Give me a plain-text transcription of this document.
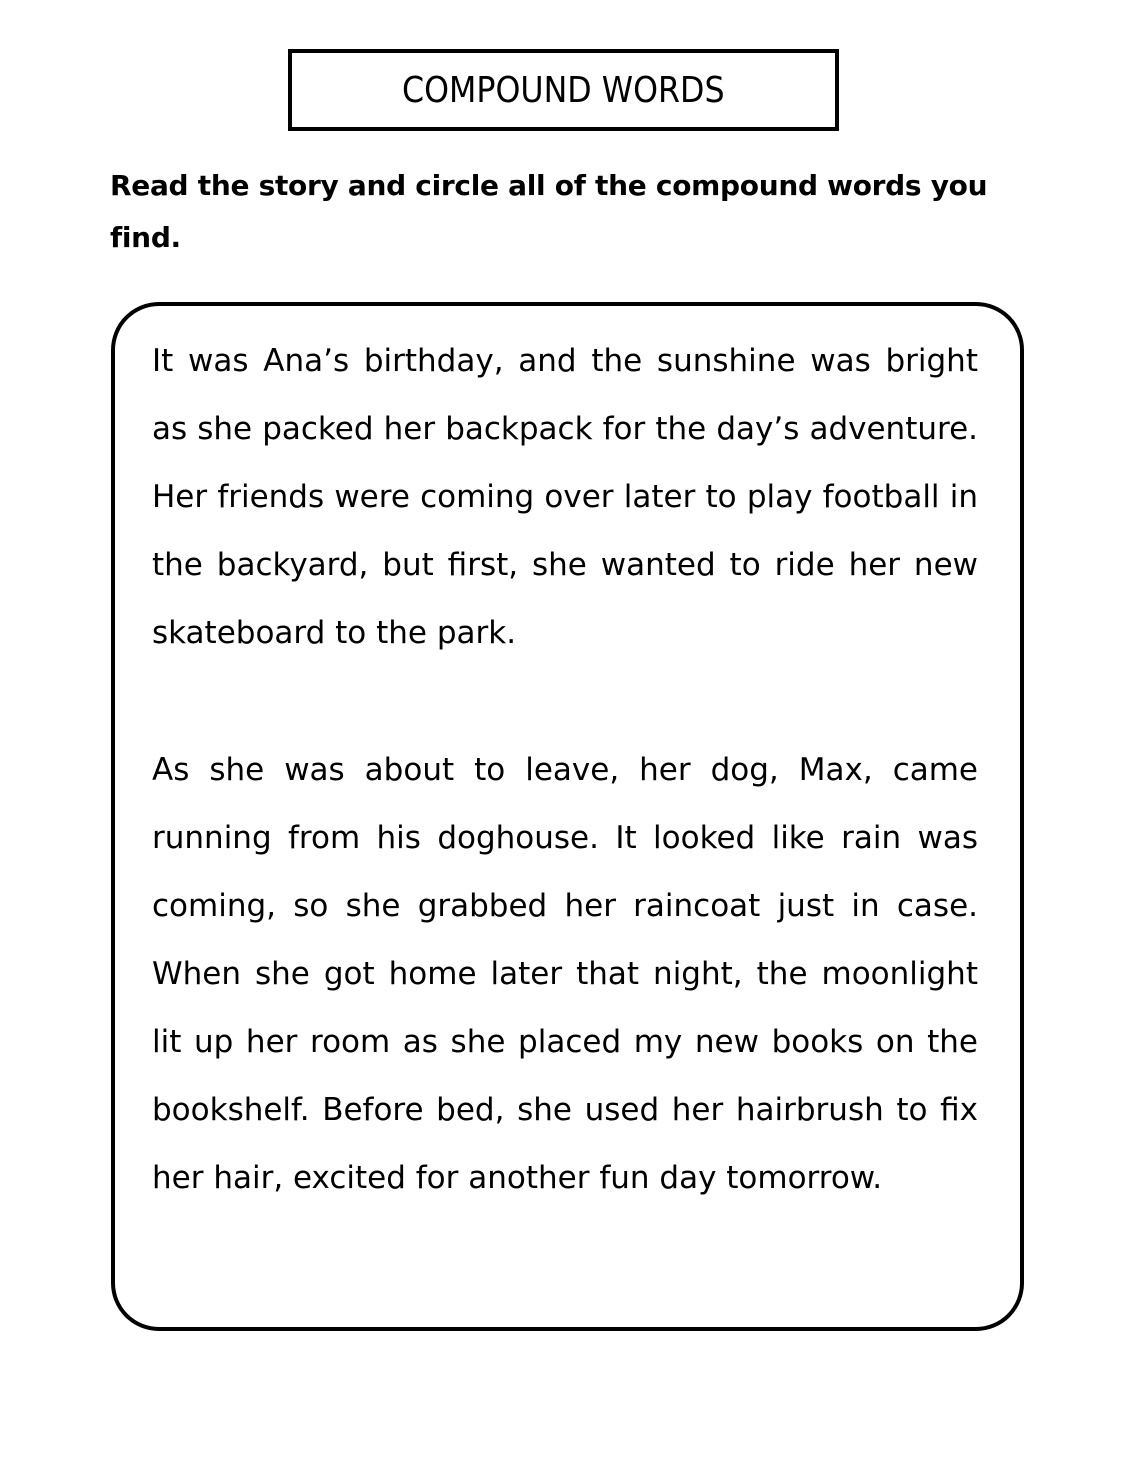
COMPOUND WORDS
Read the story and circle all of the compound words you find.
It was Ana’s birthday, and the sunshine was bright as she packed her backpack for the day’s adventure. Her friends were coming over later to play football in the backyard, but first, she wanted to ride her new skateboard to the park.
As she was about to leave, her dog, Max, came running from his doghouse. It looked like rain was coming, so she grabbed her raincoat just in case. When she got home later that night, the moonlight lit up her room as she placed my new books on the bookshelf. Before bed, she used her hairbrush to fix her hair, excited for another fun day tomorrow.
